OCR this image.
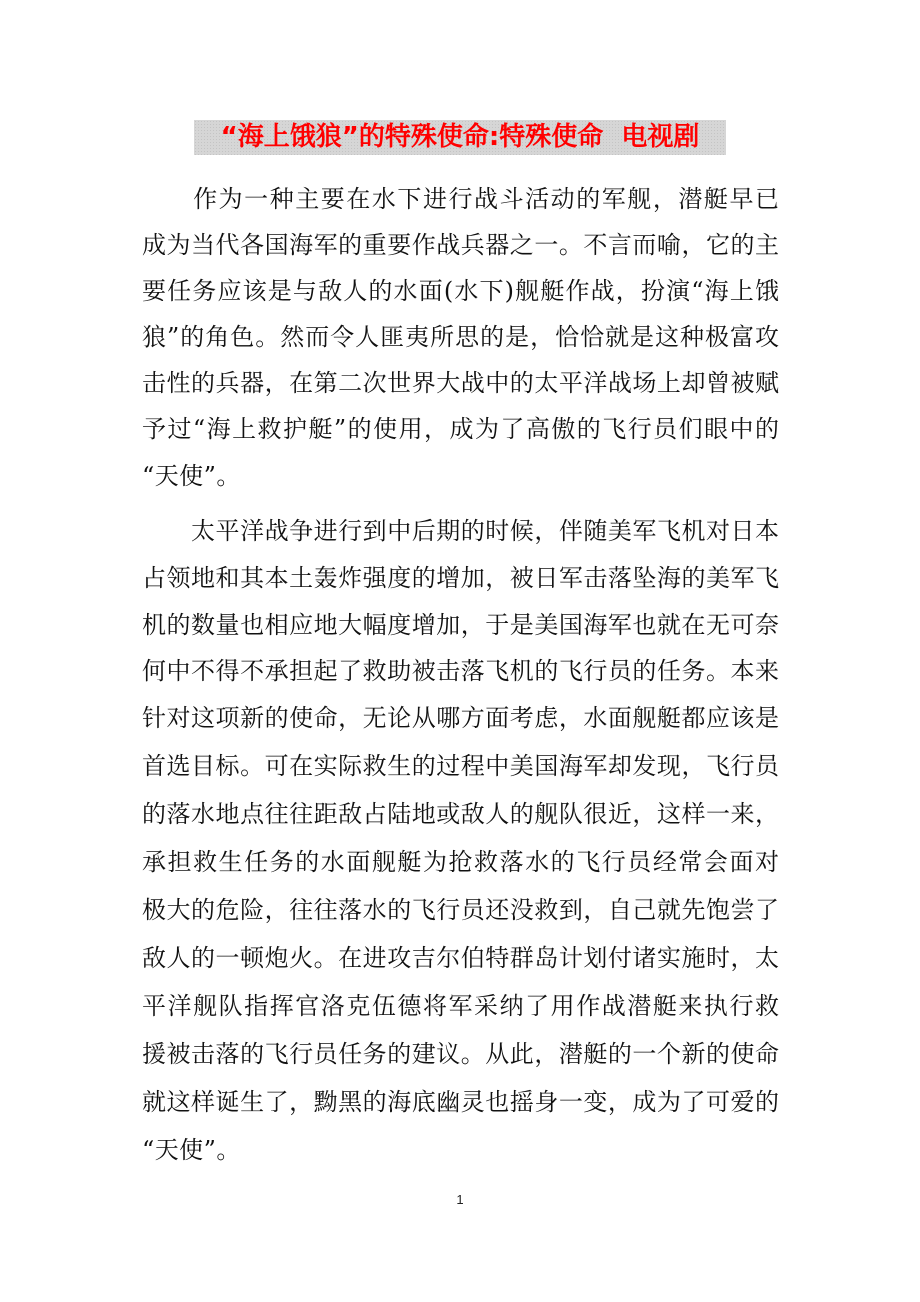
“海上饿狼”的特殊使命:特殊使命  电视剧
　　作为一种主要在水下进行战斗活动的军舰，潜艇早已
成为当代各国海军的重要作战兵器之一。不言而喻，它的主
要任务应该是与敌人的水面(水下)舰艇作战，扮演“海上饿
狼”的角色。然而令人匪夷所思的是，恰恰就是这种极富攻
击性的兵器，在第二次世界大战中的太平洋战场上却曾被赋
予过“海上救护艇”的使用，成为了高傲的飞行员们眼中的
“天使”。
　　太平洋战争进行到中后期的时候，伴随美军飞机对日本
占领地和其本土轰炸强度的增加，被日军击落坠海的美军飞
机的数量也相应地大幅度增加，于是美国海军也就在无可奈
何中不得不承担起了救助被击落飞机的飞行员的任务。本来
针对这项新的使命，无论从哪方面考虑，水面舰艇都应该是
首选目标。可在实际救生的过程中美国海军却发现，飞行员
的落水地点往往距敌占陆地或敌人的舰队很近，这样一来，
承担救生任务的水面舰艇为抢救落水的飞行员经常会面对
极大的危险，往往落水的飞行员还没救到，自己就先饱尝了
敌人的一顿炮火。在进攻吉尔伯特群岛计划付诸实施时，太
平洋舰队指挥官洛克伍德将军采纳了用作战潜艇来执行救
援被击落的飞行员任务的建议。从此，潜艇的一个新的使命
就这样诞生了，黝黑的海底幽灵也摇身一变，成为了可爱的
“天使”。
1
